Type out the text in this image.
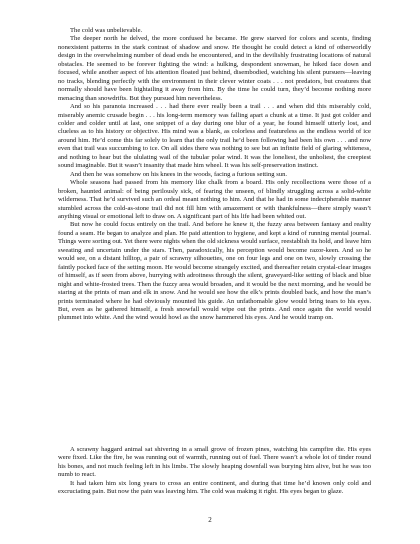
The cold was unbelievable.

The deeper north he delved, the more confused he became. He grew starved for colors and scents, finding nonexistent patterns in the stark contrast of shadow and snow. He thought he could detect a kind of otherworldly design in the overwhelming number of dead ends he encountered, and in the devilishly frustrating locations of natural obstacles. He seemed to be forever fighting the wind: a hulking, despondent snowman, he hiked face down and focused, while another aspect of his attention floated just behind, disembodied, watching his silent pursuers—leaving no tracks, blending perfectly with the environment in their clever winter coats . . . not predators, but creatures that normally should have been hightailing it away from him. By the time he could turn, they’d become nothing more menacing than snowdrifts. But they pursued him nevertheless.

And so his paranoia increased . . . had there ever really been a trail . . . and when did this miserably cold, miserably anemic crusade begin . . . his long-term memory was falling apart a chunk at a time. It just got colder and colder and colder until at last, one snippet of a day during one blur of a year, he found himself utterly lost, and clueless as to his history or objective. His mind was a blank, as colorless and featureless as the endless world of ice around him. He’d come this far solely to learn that the only trail he’d been following had been his own . . . and now even that trail was succumbing to ice. On all sides there was nothing to see but an infinite field of glaring whiteness, and nothing to hear but the ululating wail of the tubular polar wind. It was the loneliest, the unholiest, the creepiest sound imaginable. But it wasn’t insanity that made him wheel. It was his self-preservation instinct.

And then he was somehow on his knees in the woods, facing a furious setting sun.

Whole seasons had passed from his memory like chalk from a board. His only recollections were those of a broken, haunted animal: of being perilously sick, of fearing the unseen, of blindly struggling across a solid-white wilderness. That he’d survived such an ordeal meant nothing to him. And that he had in some indecipherable manner stumbled across the cold-as-stone trail did not fill him with amazement or with thankfulness—there simply wasn’t anything visual or emotional left to draw on. A significant part of his life had been whited out.

But now he could focus entirely on the trail. And before he knew it, the fuzzy area between fantasy and reality found a seam. He began to analyze and plan. He paid attention to hygiene, and kept a kind of running mental journal. Things were sorting out. Yet there were nights when the old sickness would surface, reestablish its hold, and leave him sweating and uncertain under the stars. Then, paradoxically, his perception would become razor-keen. And so he would see, on a distant hilltop, a pair of scrawny silhouettes, one on four legs and one on two, slowly crossing the faintly pocked face of the setting moon. He would become strangely excited, and thereafter retain crystal-clear images of himself, as if seen from above, hurrying with adroitness through the silent, graveyard-like setting of black and blue night and white-frosted trees. Then the fuzzy area would broaden, and it would be the next morning, and he would be staring at the prints of man and elk in snow. And he would see how the elk’s prints doubled back, and how the man’s prints terminated where he had obviously mounted his guide. An unfathomable glow would bring tears to his eyes. But, even as he gathered himself, a fresh snowfall would wipe out the prints. And once again the world would plummet into white. And the wind would howl as the snow hammered his eyes. And he would tramp on.

A scrawny haggard animal sat shivering in a small grove of frozen pines, watching his campfire die. His eyes were fixed. Like the fire, he was running out of warmth, running out of fuel. There wasn’t a whole lot of tinder round his bones, and not much feeling left in his limbs. The slowly heaping downfall was burying him alive, but he was too numb to react.

It had taken him six long years to cross an entire continent, and during that time he’d known only cold and excruciating pain. But now the pain was leaving him. The cold was making it right. His eyes began to glaze.

2
